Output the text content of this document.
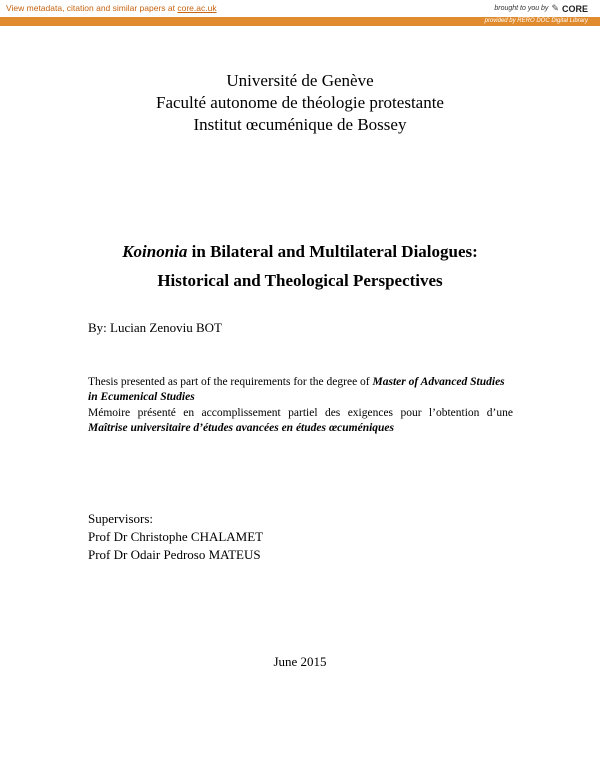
View metadata, citation and similar papers at core.ac.uk	brought to you by ✎ CORE
provided by RERO DOC Digital Library
Université de Genève
Faculté autonome de théologie protestante
Institut œcuménique de Bossey
Koinonia in Bilateral and Multilateral Dialogues:
Historical and Theological Perspectives
By: Lucian Zenoviu BOT
Thesis presented as part of the requirements for the degree of Master of Advanced Studies
in Ecumenical Studies
Mémoire présenté en accomplissement partiel des exigences pour l’obtention d’une Maîtrise universitaire d’études avancées en études œcuméniques
Supervisors:
Prof Dr Christophe CHALAMET
Prof Dr Odair Pedroso MATEUS
June 2015
